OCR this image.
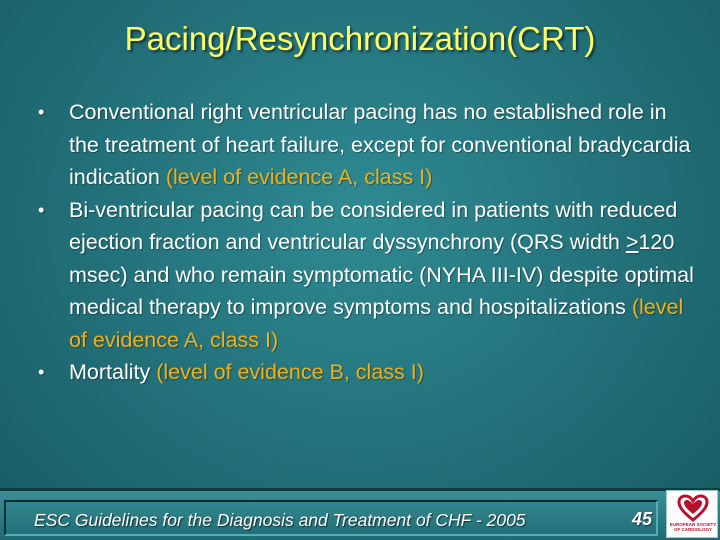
Pacing/Resynchronization(CRT)
• Conventional right ventricular pacing has no established role in the treatment of heart failure, except for conventional bradycardia indication (level of evidence A, class I)
• Bi-ventricular pacing can be considered in patients with reduced ejection fraction and ventricular dyssynchrony (QRS width ≥120 msec) and who remain symptomatic (NYHA III-IV) despite optimal medical therapy to improve symptoms and hospitalizations (level of evidence A, class I)
• Mortality (level of evidence B, class I)
ESC Guidelines for the Diagnosis and Treatment of CHF - 2005	45	EUROPEAN SOCIETY OF CARDIOLOGY
